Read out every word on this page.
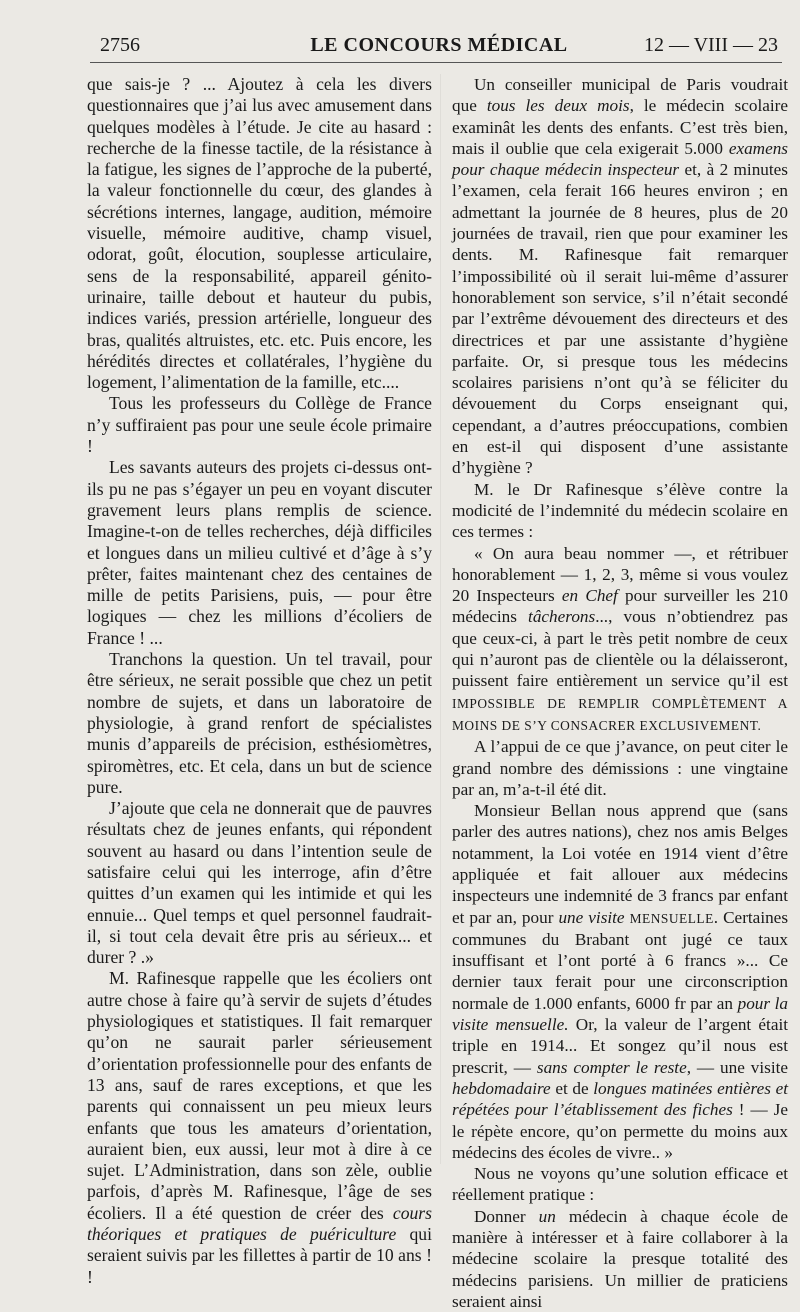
2756	LE CONCOURS MÉDICAL	12 — VIII — 23

que sais-je ? ... Ajoutez à cela les divers questionnaires que j’ai lus avec amusement dans quelques modèles à l’étude. Je cite au hasard : recherche de la finesse tactile, de la résistance à la fatigue, les signes de l’approche de la puberté, la valeur fonctionnelle du cœur, des glandes à sécrétions internes, langage, audition, mémoire visuelle, mémoire auditive, champ visuel, odorat, goût, élocution, souplesse articulaire, sens de la responsabilité, appareil génito-urinaire, taille debout et hauteur du pubis, indices variés, pression artérielle, longueur des bras, qualités altruistes, etc. etc. Puis encore, les hérédités directes et collatérales, l’hygiène du logement, l’alimentation de la famille, etc....

Tous les professeurs du Collège de France n’y suffiraient pas pour une seule école primaire !

Les savants auteurs des projets ci-dessus ont-ils pu ne pas s’égayer un peu en voyant discuter gravement leurs plans remplis de science. Imagine-t-on de telles recherches, déjà difficiles et longues dans un milieu cultivé et d’âge à s’y prêter, faites maintenant chez des centaines de mille de petits Parisiens, puis, — pour être logiques — chez les millions d’écoliers de France ! ...

Tranchons la question. Un tel travail, pour être sérieux, ne serait possible que chez un petit nombre de sujets, et dans un laboratoire de physiologie, à grand renfort de spécialistes munis d’appareils de précision, esthésiomètres, spiromètres, etc. Et cela, dans un but de science pure.

J’ajoute que cela ne donnerait que de pauvres résultats chez de jeunes enfants, qui répondent souvent au hasard ou dans l’intention seule de satisfaire celui qui les interroge, afin d’être quittes d’un examen qui les intimide et qui les ennuie... Quel temps et quel personnel faudrait-il, si tout cela devait être pris au sérieux... et durer ? .»

M. Rafinesque rappelle que les écoliers ont autre chose à faire qu’à servir de sujets d’études physiologiques et statistiques. Il fait remarquer qu’on ne saurait parler sérieusement d’orientation professionnelle pour des enfants de 13 ans, sauf de rares exceptions, et que les parents qui connaissent un peu mieux leurs enfants que tous les amateurs d’orientation, auraient bien, eux aussi, leur mot à dire à ce sujet. L’Administration, dans son zèle, oublie parfois, d’après M. Rafinesque, l’âge de ses écoliers. Il a été question de créer des cours théoriques et pratiques de puériculture qui seraient suivis par les fillettes à partir de 10 ans ! !

Un conseiller municipal de Paris voudrait que tous les deux mois, le médecin scolaire examinât les dents des enfants. C’est très bien, mais il oublie que cela exigerait 5.000 examens pour chaque médecin inspecteur et, à 2 minutes l’examen, cela ferait 166 heures environ ; en admettant la journée de 8 heures, plus de 20 journées de travail, rien que pour examiner les dents. M. Rafinesque fait remarquer l’impossibilité où il serait lui-même d’assurer honorablement son service, s’il n’était secondé par l’extrême dévouement des directeurs et des directrices et par une assistante d’hygiène parfaite. Or, si presque tous les médecins scolaires parisiens n’ont qu’à se féliciter du dévouement du Corps enseignant qui, cependant, a d’autres préoccupations, combien en est-il qui disposent d’une assistante d’hygiène ?

M. le Dr Rafinesque s’élève contre la modicité de l’indemnité du médecin scolaire en ces termes :

« On aura beau nommer —, et rétribuer honorablement — 1, 2, 3, même si vous voulez 20 Inspecteurs en Chef pour surveiller les 210 médecins tâcherons..., vous n’obtiendrez pas que ceux-ci, à part le très petit nombre de ceux qui n’auront pas de clientèle ou la délaisseront, puissent faire entièrement un service qu’il est IMPOSSIBLE DE REMPLIR COMPLÈTEMENT A MOINS DE S’Y CONSACRER EXCLUSIVEMENT.

A l’appui de ce que j’avance, on peut citer le grand nombre des démissions : une vingtaine par an, m’a-t-il été dit.

Monsieur Bellan nous apprend que (sans parler des autres nations), chez nos amis Belges notamment, la Loi votée en 1914 vient d’être appliquée et fait allouer aux médecins inspecteurs une indemnité de 3 francs par enfant et par an, pour une visite MENSUELLE. Certaines communes du Brabant ont jugé ce taux insuffisant et l’ont porté à 6 francs »... Ce dernier taux ferait pour une circonscription normale de 1.000 enfants, 6000 fr par an pour la visite mensuelle. Or, la valeur de l’argent était triple en 1914... Et songez qu’il nous est prescrit, — sans compter le reste, — une visite hebdomadaire et de longues matinées entières et répétées pour l’établissement des fiches ! — Je le répète encore, qu’on permette du moins aux médecins des écoles de vivre.. »

Nous ne voyons qu’une solution efficace et réellement pratique :

Donner un médecin à chaque école de manière à intéresser et à faire collaborer à la médecine scolaire la presque totalité des médecins parisiens. Un millier de praticiens seraient ainsi
